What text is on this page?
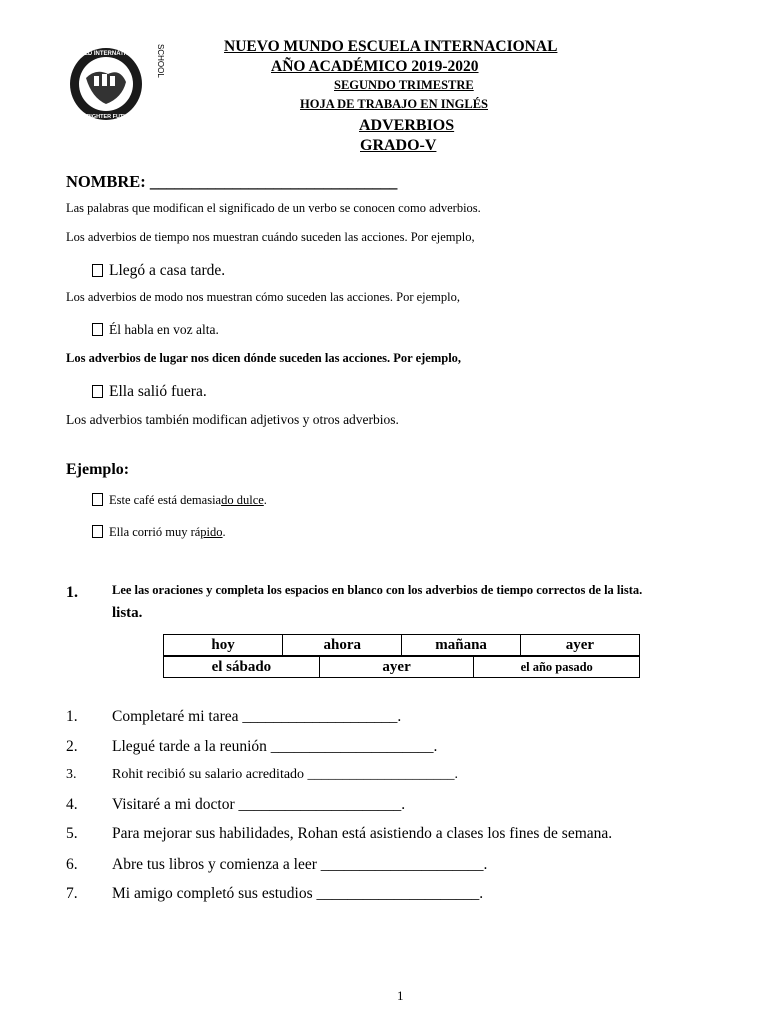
WORLD INTERNATIONAL
A BRIGHTER FUTURE
SCHOOL	NUEVO MUNDO ESCUELA INTERNACIONAL
AÑO ACADÉMICO 2019-2020
SEGUNDO TRIMESTRE
HOJA DE TRABAJO EN INGLÉS
ADVERBIOS
GRADO-V
NOMBRE: ______________________________
Las palabras que modifican el significado de un verbo se conocen como adverbios.
Los adverbios de tiempo nos muestran cuándo suceden las acciones. Por ejemplo,
Llegó a casa tarde.
Los adverbios de modo nos muestran cómo suceden las acciones. Por ejemplo,
Él habla en voz alta.
Los adverbios de lugar nos dicen dónde suceden las acciones. Por ejemplo,
Ella salió fuera.
Los adverbios también modifican adjetivos y otros adverbios.
Ejemplo:
Este café está demasiado dulce.
Ella corrió muy rápido.
1.	Lee las oraciones y completa los espacios en blanco con los adverbios de tiempo correctos de la lista.
lista.
hoy	ahora	mañana	ayer
el sábado	ayer	el año pasado
1. Completaré mi tarea ____________________.
2. Llegué tarde a la reunión _____________________.
3.	Rohit recibió su salario acreditado _____________________.
4. Visitaré a mi doctor _____________________.
5. Para mejorar sus habilidades, Rohan está asistiendo a clases los fines de semana.
6. Abre tus libros y comienza a leer _____________________.
7. Mi amigo completó sus estudios _____________________.
1
